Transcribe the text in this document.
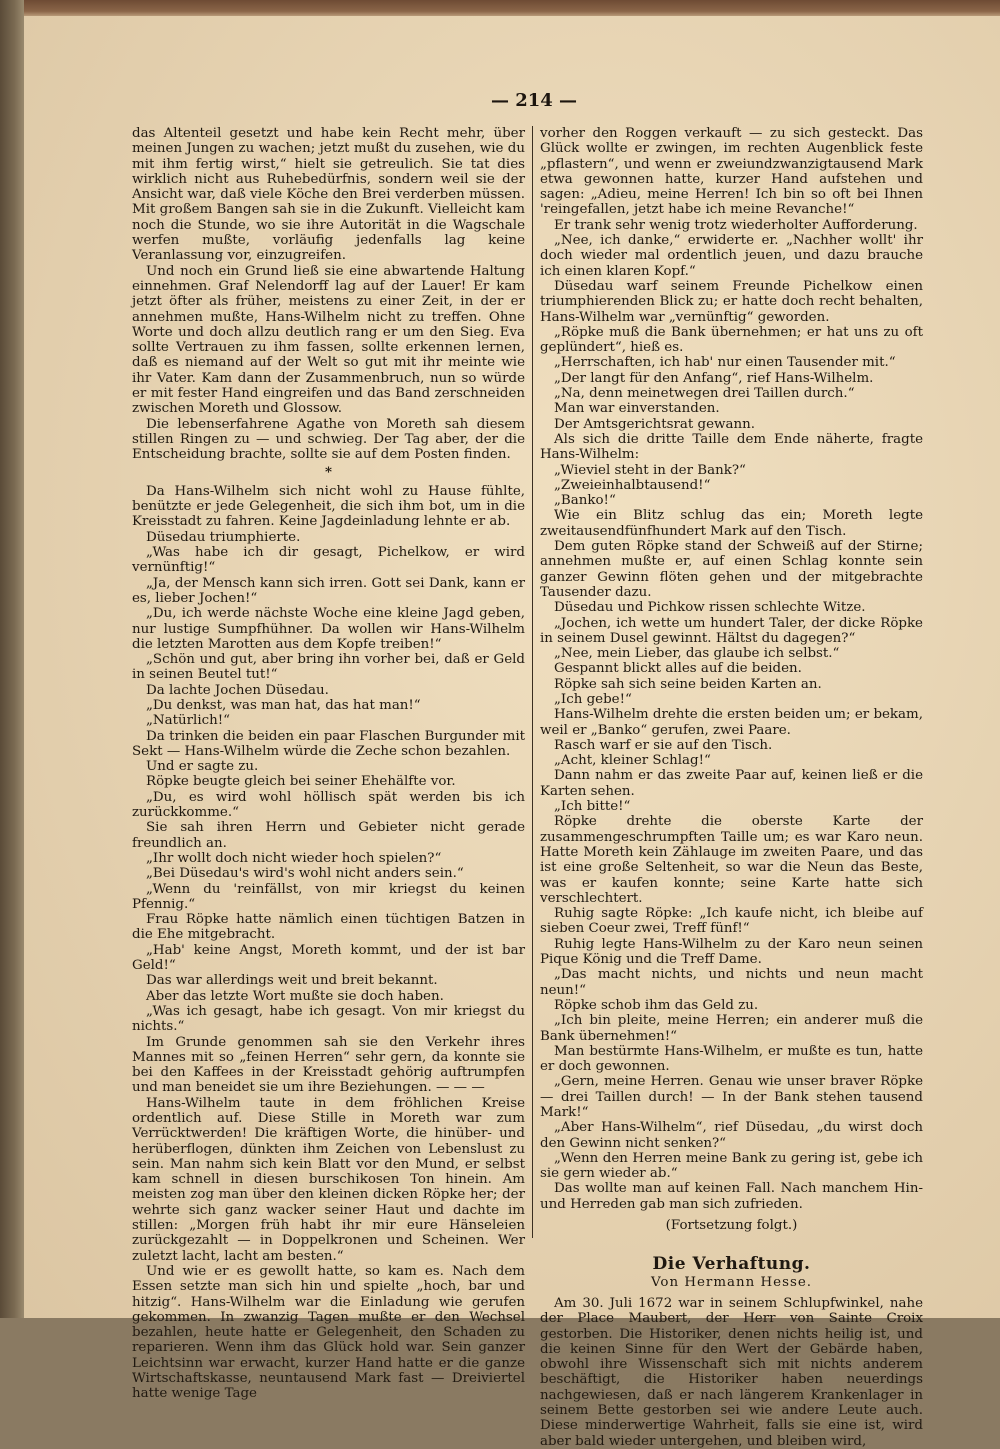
— 214 —

das Altenteil gesetzt und habe kein Recht mehr, über meinen Jungen zu wachen; jetzt mußt du zusehen, wie du mit ihm fertig wirst,“ hielt sie getreulich. Sie tat dies wirklich nicht aus Ruhebedürfnis, sondern weil sie der Ansicht war, daß viele Köche den Brei verderben müssen. Mit großem Bangen sah sie in die Zukunft. Vielleicht kam noch die Stunde, wo sie ihre Autorität in die Wagschale werfen mußte, vorläufig jedenfalls lag keine Veranlassung vor, einzugreifen.

Und noch ein Grund ließ sie eine abwartende Haltung einnehmen. Graf Nelendorff lag auf der Lauer! Er kam jetzt öfter als früher, meistens zu einer Zeit, in der er annehmen mußte, Hans-Wilhelm nicht zu treffen. Ohne Worte und doch allzu deutlich rang er um den Sieg. Eva sollte Vertrauen zu ihm fassen, sollte erkennen lernen, daß es niemand auf der Welt so gut mit ihr meinte wie ihr Vater. Kam dann der Zusammenbruch, nun so würde er mit fester Hand eingreifen und das Band zerschneiden zwischen Moreth und Glossow.

Die lebenserfahrene Agathe von Moreth sah diesem stillen Ringen zu — und schwieg. Der Tag aber, der die Entscheidung brachte, sollte sie auf dem Posten finden.

*

Da Hans-Wilhelm sich nicht wohl zu Hause fühlte, benützte er jede Gelegenheit, die sich ihm bot, um in die Kreisstadt zu fahren. Keine Jagdeinladung lehnte er ab.

Düsedau triumphierte.

„Was habe ich dir gesagt, Pichelkow, er wird vernünftig!“

„Ja, der Mensch kann sich irren. Gott sei Dank, kann er es, lieber Jochen!“

„Du, ich werde nächste Woche eine kleine Jagd geben, nur lustige Sumpfhühner. Da wollen wir Hans-Wilhelm die letzten Marotten aus dem Kopfe treiben!“

„Schön und gut, aber bring ihn vorher bei, daß er Geld in seinen Beutel tut!“

Da lachte Jochen Düsedau.

„Du denkst, was man hat, das hat man!“

„Natürlich!“

Da trinken die beiden ein paar Flaschen Burgunder mit Sekt — Hans-Wilhelm würde die Zeche schon bezahlen.

Und er sagte zu.

Röpke beugte gleich bei seiner Ehehälfte vor.

„Du, es wird wohl höllisch spät werden bis ich zurückkomme.“

Sie sah ihren Herrn und Gebieter nicht gerade freundlich an.

„Ihr wollt doch nicht wieder hoch spielen?“

„Bei Düsedau's wird's wohl nicht anders sein.“

„Wenn du 'reinfällst, von mir kriegst du keinen Pfennig.“

Frau Röpke hatte nämlich einen tüchtigen Batzen in die Ehe mitgebracht.

„Hab' keine Angst, Moreth kommt, und der ist bar Geld!“

Das war allerdings weit und breit bekannt.

Aber das letzte Wort mußte sie doch haben.

„Was ich gesagt, habe ich gesagt. Von mir kriegst du nichts.“

Im Grunde genommen sah sie den Verkehr ihres Mannes mit so „feinen Herren“ sehr gern, da konnte sie bei den Kaffees in der Kreisstadt gehörig auftrumpfen und man beneidet sie um ihre Beziehungen. — — —

Hans-Wilhelm taute in dem fröhlichen Kreise ordentlich auf. Diese Stille in Moreth war zum Verrücktwerden! Die kräftigen Worte, die hinüber- und herüberflogen, dünkten ihm Zeichen von Lebenslust zu sein. Man nahm sich kein Blatt vor den Mund, er selbst kam schnell in diesen burschikosen Ton hinein. Am meisten zog man über den kleinen dicken Röpke her; der wehrte sich ganz wacker seiner Haut und dachte im stillen: „Morgen früh habt ihr mir eure Hänseleien zurückgezahlt — in Doppelkronen und Scheinen. Wer zuletzt lacht, lacht am besten.“

Und wie er es gewollt hatte, so kam es. Nach dem Essen setzte man sich hin und spielte „hoch, bar und hitzig“. Hans-Wilhelm war die Einladung wie gerufen gekommen. In zwanzig Tagen mußte er den Wechsel bezahlen, heute hatte er Gelegenheit, den Schaden zu reparieren. Wenn ihm das Glück hold war. Sein ganzer Leichtsinn war erwacht, kurzer Hand hatte er die ganze Wirtschaftskasse, neuntausend Mark fast — Dreiviertel hatte wenige Tage

vorher den Roggen verkauft — zu sich gesteckt. Das Glück wollte er zwingen, im rechten Augenblick feste „pflastern“, und wenn er zweiundzwanzigtausend Mark etwa gewonnen hatte, kurzer Hand aufstehen und sagen: „Adieu, meine Herren! Ich bin so oft bei Ihnen 'reingefallen, jetzt habe ich meine Revanche!“

Er trank sehr wenig trotz wiederholter Aufforderung.

„Nee, ich danke,“ erwiderte er. „Nachher wollt' ihr doch wieder mal ordentlich jeuen, und dazu brauche ich einen klaren Kopf.“

Düsedau warf seinem Freunde Pichelkow einen triumphierenden Blick zu; er hatte doch recht behalten, Hans-Wilhelm war „vernünftig“ geworden.

„Röpke muß die Bank übernehmen; er hat uns zu oft geplündert“, hieß es.

„Herrschaften, ich hab' nur einen Tausender mit.“

„Der langt für den Anfang“, rief Hans-Wilhelm.

„Na, denn meinetwegen drei Taillen durch.“

Man war einverstanden.

Der Amtsgerichtsrat gewann.

Als sich die dritte Taille dem Ende näherte, fragte Hans-Wilhelm:

„Wieviel steht in der Bank?“

„Zweieinhalbtausend!“

„Banko!“

Wie ein Blitz schlug das ein; Moreth legte zweitausendfünfhundert Mark auf den Tisch.

Dem guten Röpke stand der Schweiß auf der Stirne; annehmen mußte er, auf einen Schlag konnte sein ganzer Gewinn flöten gehen und der mitgebrachte Tausender dazu.

Düsedau und Pichkow rissen schlechte Witze.

„Jochen, ich wette um hundert Taler, der dicke Röpke in seinem Dusel gewinnt. Hältst du dagegen?“

„Nee, mein Lieber, das glaube ich selbst.“

Gespannt blickt alles auf die beiden.

Röpke sah sich seine beiden Karten an.

„Ich gebe!“

Hans-Wilhelm drehte die ersten beiden um; er bekam, weil er „Banko“ gerufen, zwei Paare.

Rasch warf er sie auf den Tisch.

„Acht, kleiner Schlag!“

Dann nahm er das zweite Paar auf, keinen ließ er die Karten sehen.

„Ich bitte!“

Röpke drehte die oberste Karte der zusammengeschrumpften Taille um; es war Karo neun. Hatte Moreth kein Zählauge im zweiten Paare, und das ist eine große Seltenheit, so war die Neun das Beste, was er kaufen konnte; seine Karte hatte sich verschlechtert.

Ruhig sagte Röpke: „Ich kaufe nicht, ich bleibe auf sieben Coeur zwei, Treff fünf!“

Ruhig legte Hans-Wilhelm zu der Karo neun seinen Pique König und die Treff Dame.

„Das macht nichts, und nichts und neun macht neun!“

Röpke schob ihm das Geld zu.

„Ich bin pleite, meine Herren; ein anderer muß die Bank übernehmen!“

Man bestürmte Hans-Wilhelm, er mußte es tun, hatte er doch gewonnen.

„Gern, meine Herren. Genau wie unser braver Röpke — drei Taillen durch! — In der Bank stehen tausend Mark!“

„Aber Hans-Wilhelm“, rief Düsedau, „du wirst doch den Gewinn nicht senken?“

„Wenn den Herren meine Bank zu gering ist, gebe ich sie gern wieder ab.“

Das wollte man auf keinen Fall. Nach manchem Hin- und Herreden gab man sich zufrieden.

(Fortsetzung folgt.)
Die Verhaftung.
Von Hermann Hesse.

Am 30. Juli 1672 war in seinem Schlupfwinkel, nahe der Place Maubert, der Herr von Sainte Croix gestorben. Die Historiker, denen nichts heilig ist, und die keinen Sinne für den Wert der Gebärde haben, obwohl ihre Wissenschaft sich mit nichts anderem beschäftigt, die Historiker haben neuerdings nachgewiesen, daß er nach längerem Krankenlager in seinem Bette gestorben sei wie andere Leute auch. Diese minderwertige Wahrheit, falls sie eine ist, wird aber bald wieder untergehen, und bleiben wird,
